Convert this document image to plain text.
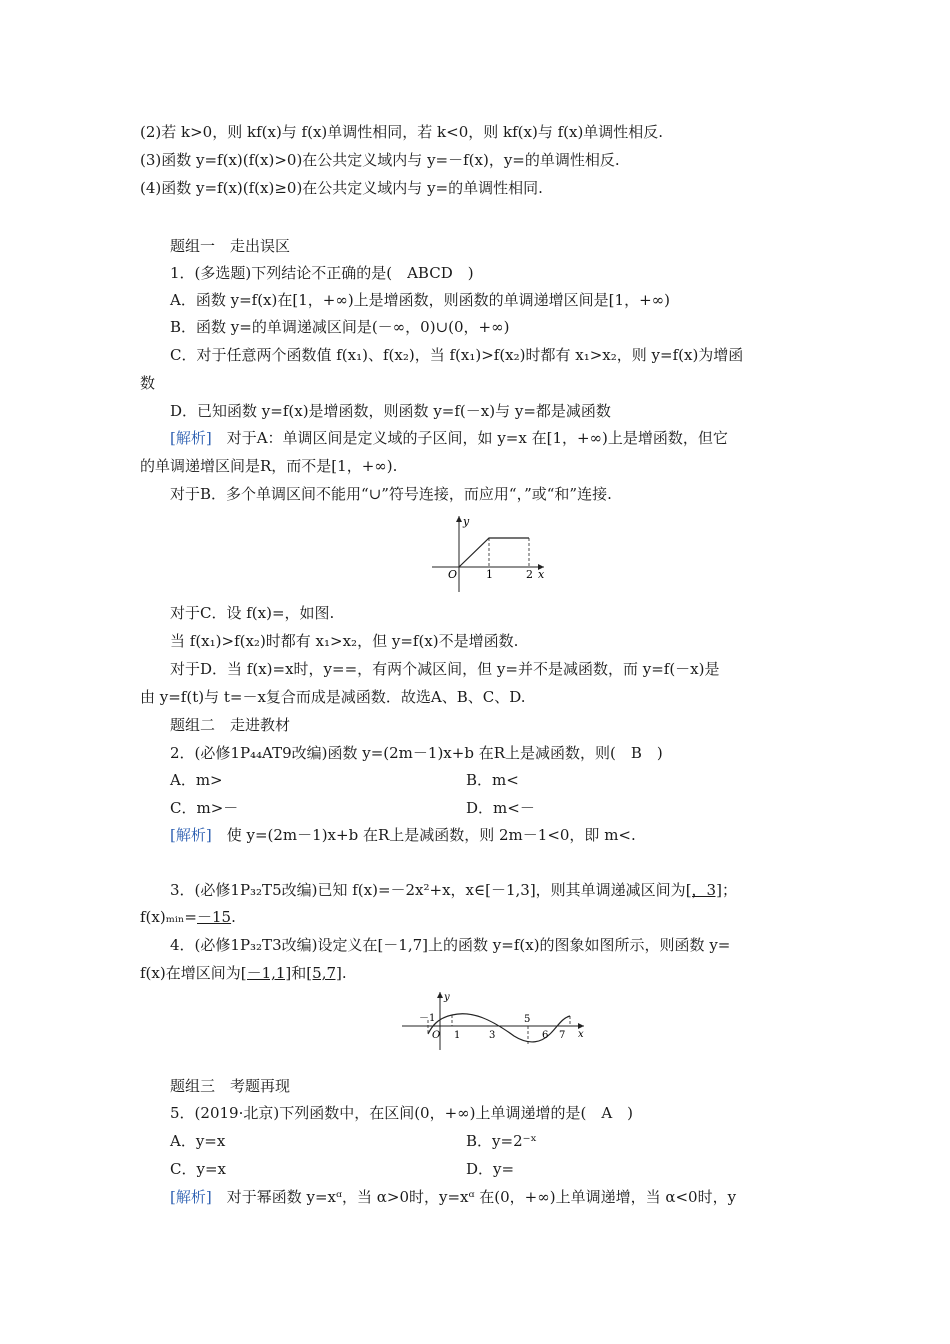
(2)若 k>0，则 kf(x)与 f(x)单调性相同，若 k<0，则 kf(x)与 f(x)单调性相反.
(3)函数 y=f(x)(f(x)>0)在公共定义域内与 y=－f(x)，y=的单调性相反.
(4)函数 y=f(x)(f(x)≥0)在公共定义域内与 y=的单调性相同.
题组一　走出误区
1．(多选题)下列结论不正确的是(　ABCD　)
A．函数 y=f(x)在[1，+∞)上是增函数，则函数的单调递增区间是[1，+∞)
B．函数 y=的单调递减区间是(－∞，0)∪(0，+∞)
C．对于任意两个函数值 f(x₁)、f(x₂)，当 f(x₁)>f(x₂)时都有 x₁>x₂，则 y=f(x)为增函
数
D．已知函数 y=f(x)是增函数，则函数 y=f(－x)与 y=都是减函数
[解析]　对于A：单调区间是定义域的子区间，如 y=x 在[1，+∞)上是增函数，但它
的单调递增区间是R，而不是[1，+∞).
对于B．多个单调区间不能用“∪”符号连接，而应用“，”或“和”连接.
y
x
O	1	2
对于C．设 f(x)=，如图.
当 f(x₁)>f(x₂)时都有 x₁>x₂，但 y=f(x)不是增函数.
对于D．当 f(x)=x时，y==，有两个减区间，但 y=并不是减函数，而 y=f(－x)是
由 y=f(t)与 t=－x复合而成是减函数．故选A、B、C、D.
题组二　走进教材
2．(必修1P₄₄AT9改编)函数 y=(2m－1)x+b 在R上是减函数，则(　B　)
A．m>	B．m<
C．m>－	D．m<－
[解析]　使 y=(2m－1)x+b 在R上是减函数，则 2m－1<0，即 m<.
3．(必修1P₃₂T5改编)已知 f(x)=－2x²+x，x∈[－1,3]，则其单调递减区间为[，3]；
f(x)ₘᵢₙ=－15.
4．(必修1P₃₂T3改编)设定义在[－1,7]上的函数 y=f(x)的图象如图所示，则函数 y=
f(x)在增区间为[－1,1]和[5,7].
y
x
O
－1
1	3
5
6 7
题组三　考题再现
5．(2019·北京)下列函数中，在区间(0，+∞)上单调递增的是(　A　)
A．y=x	B．y=2⁻ˣ
C．y=x	D．y=
[解析]　对于幂函数 y=xᵅ，当 α>0时，y=xᵅ 在(0，+∞)上单调递增，当 α<0时，y
